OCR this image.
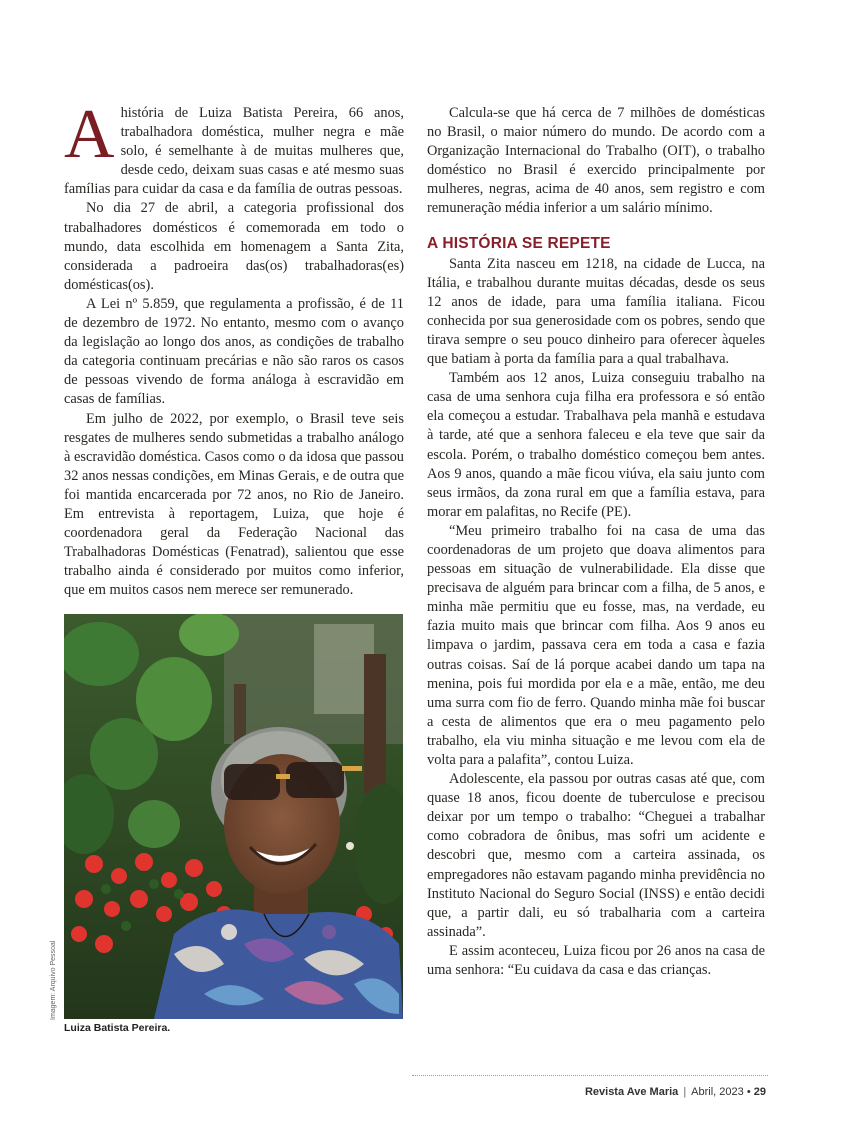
Ahistória de Luiza Batista Pereira, 66 anos, trabalhadora doméstica, mulher negra e mãe solo, é semelhante à de muitas mulheres que, desde cedo, deixam suas casas e até mesmo suas famílias para cuidar da casa e da família de outras pessoas.

No dia 27 de abril, a categoria profissional dos trabalhadores domésticos é comemorada em todo o mundo, data escolhida em homenagem a Santa Zita, considerada a padroeira das(os) trabalhadoras(es) domésticas(os).

A Lei nº 5.859, que regulamenta a profissão, é de 11 de dezembro de 1972. No entanto, mesmo com o avanço da legislação ao longo dos anos, as condições de trabalho da categoria continuam precárias e não são raros os casos de pessoas vivendo de forma análoga à escravidão em casas de famílias.

Em julho de 2022, por exemplo, o Brasil teve seis resgates de mulheres sendo submetidas a trabalho análogo à escravidão doméstica. Casos como o da idosa que passou 32 anos nessas condições, em Minas Gerais, e de outra que foi mantida encarcerada por 72 anos, no Rio de Janeiro. Em entrevista à reportagem, Luiza, que hoje é coordenadora geral da Federação Nacional das Trabalhadoras Domésticas (Fenatrad), salientou que esse trabalho ainda é considerado por muitos como inferior, que em muitos casos nem merece ser remunerado.

Imagem: Arquivo Pessoal
Luiza Batista Pereira.

Calcula-se que há cerca de 7 milhões de domésticas no Brasil, o maior número do mundo. De acordo com a Organização Internacional do Trabalho (OIT), o trabalho doméstico no Brasil é exercido principalmente por mulheres, negras, acima de 40 anos, sem registro e com remuneração média inferior a um salário mínimo.

A HISTÓRIA SE REPETE

Santa Zita nasceu em 1218, na cidade de Lucca, na Itália, e trabalhou durante muitas décadas, desde os seus 12 anos de idade, para uma família italiana. Ficou conhecida por sua generosidade com os pobres, sendo que tirava sempre o seu pouco dinheiro para oferecer àqueles que batiam à porta da família para a qual trabalhava.

Também aos 12 anos, Luiza conseguiu trabalho na casa de uma senhora cuja filha era professora e só então ela começou a estudar. Trabalhava pela manhã e estudava à tarde, até que a senhora faleceu e ela teve que sair da escola. Porém, o trabalho doméstico começou bem antes. Aos 9 anos, quando a mãe ficou viúva, ela saiu junto com seus irmãos, da zona rural em que a família estava, para morar em palafitas, no Recife (PE).

“Meu primeiro trabalho foi na casa de uma das coordenadoras de um projeto que doava alimentos para pessoas em situação de vulnerabilidade. Ela disse que precisava de alguém para brincar com a filha, de 5 anos, e minha mãe permitiu que eu fosse, mas, na verdade, eu fazia muito mais que brincar com filha. Aos 9 anos eu limpava o jardim, passava cera em toda a casa e fazia outras coisas. Saí de lá porque acabei dando um tapa na menina, pois fui mordida por ela e a mãe, então, me deu uma surra com fio de ferro. Quando minha mãe foi buscar a cesta de alimentos que era o meu pagamento pelo trabalho, ela viu minha situação e me levou com ela de volta para a palafita”, contou Luiza.

Adolescente, ela passou por outras casas até que, com quase 18 anos, ficou doente de tuberculose e precisou deixar por um tempo o trabalho: “Cheguei a trabalhar como cobradora de ônibus, mas sofri um acidente e descobri que, mesmo com a carteira assinada, os empregadores não estavam pagando minha previdência no Instituto Nacional do Seguro Social (INSS) e então decidi que, a partir dali, eu só trabalharia com a carteira assinada”.

E assim aconteceu, Luiza ficou por 26 anos na casa de uma senhora: “Eu cuidava da casa e das crianças.

Revista Ave Maria | Abril, 2023 • 29
